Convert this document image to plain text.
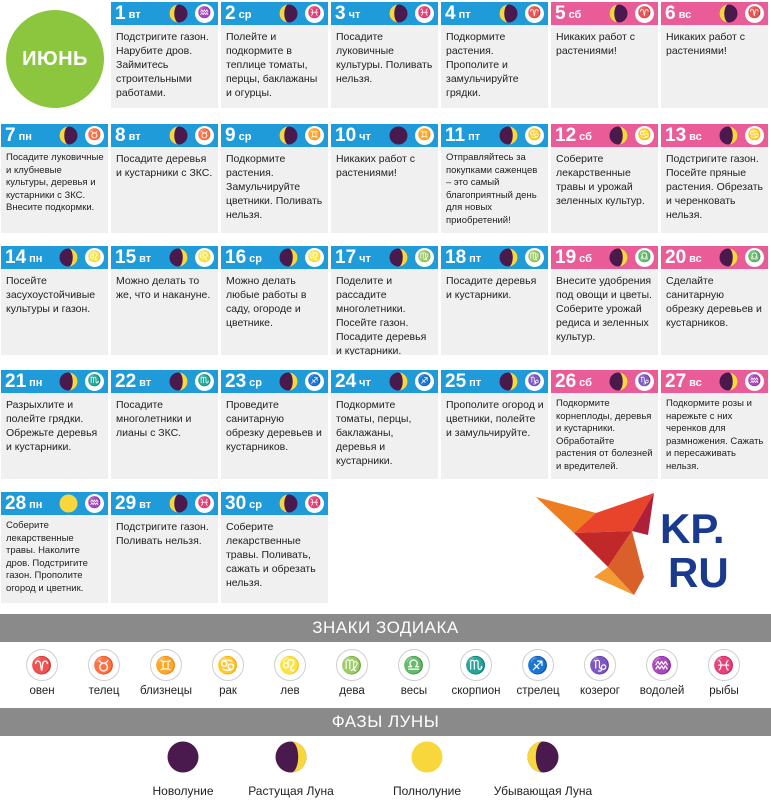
ИЮНЬ
1 вт	♒

Подстригите газон. Нарубите дров. Займитесь строительными работами.

2 ср	♓

Полейте и подкормите в теплице томаты, перцы, баклажаны и огурцы.

3 чт	♓

Посадите луковичные культуры. Поливать нельзя.

4 пт	♈

Подкормите растения. Прополите и замульчируйте грядки.

5 сб	♈

Никаких работ с растениями!

6 вс	♈

Никаких работ с растениями!

7 пн	♉

Посадите луковичные и клубневые культуры, деревья и кустарники с ЗКС. Внесите подкормки.

8 вт	♉

Посадите деревья и кустарники с ЗКС.

9 ср	♊

Подкормите растения. Замульчируйте цветники. Поливать нельзя.

10 чт	♊

Никаких работ с растениями!

11 пт	♋

Отправляйтесь за покупками саженцев – это самый благоприятный день для новых приобретений!

12 сб	♋

Соберите лекарственные травы и урожай зеленных культур.

13 вс	♋

Подстригите газон. Посейте пряные растения. Обрезать и черенковать нельзя.

14 пн	♌

Посейте засухоустойчивые культуры и газон.

15 вт	♌

Можно делать то же, что и накануне.

16 ср	♌

Можно делать любые работы в саду, огороде и цветнике.

17 чт	♍

Поделите и рассадите многолетники. Посейте газон. Посадите деревья и кустарники.

18 пт	♍

Посадите деревья и кустарники.

19 сб	♎

Внесите удобрения под овощи и цветы. Соберите урожай редиса и зеленных культур.

20 вс	♎

Сделайте санитарную обрезку деревьев и кустарников.

21 пн	♏

Разрыхлите и полейте грядки. Обрежьте деревья и кустарники.

22 вт	♏

Посадите многолетники и лианы с ЗКС.

23 ср	♐

Проведите санитарную обрезку деревьев и кустарников.

24 чт	♐

Подкормите томаты, перцы, баклажаны, деревья и кустарники.

25 пт	♑

Прополите огород и цветники, полейте и замульчируйте.

26 сб	♑

Подкормите корнеплоды, деревья и кустарники. Обработайте растения от болезней и вредителей.

27 вс	♒

Подкормите розы и нарежьте с них черенков для размножения. Сажать и пересаживать нельзя.

28 пн	♒

Соберите лекарственные травы. Наколите дров. Подстригите газон. Прополите огород и цветник.

29 вт	♓

Подстригите газон. Поливать нельзя.

30 ср	♓

Соберите лекарственные травы. Поливать, сажать и обрезать нельзя.

KP.
RU
ЗНАКИ ЗОДИАКА
♈
овен
♉
телец
♊
близнецы
♋
рак
♌
лев
♍
дева
♎
весы
♏
скорпион
♐
стрелец
♑
козерог
♒
водолей
♓
рыбы
ФАЗЫ ЛУНЫ
Новолуние	Растущая Луна	Полнолуние	Убывающая Луна
